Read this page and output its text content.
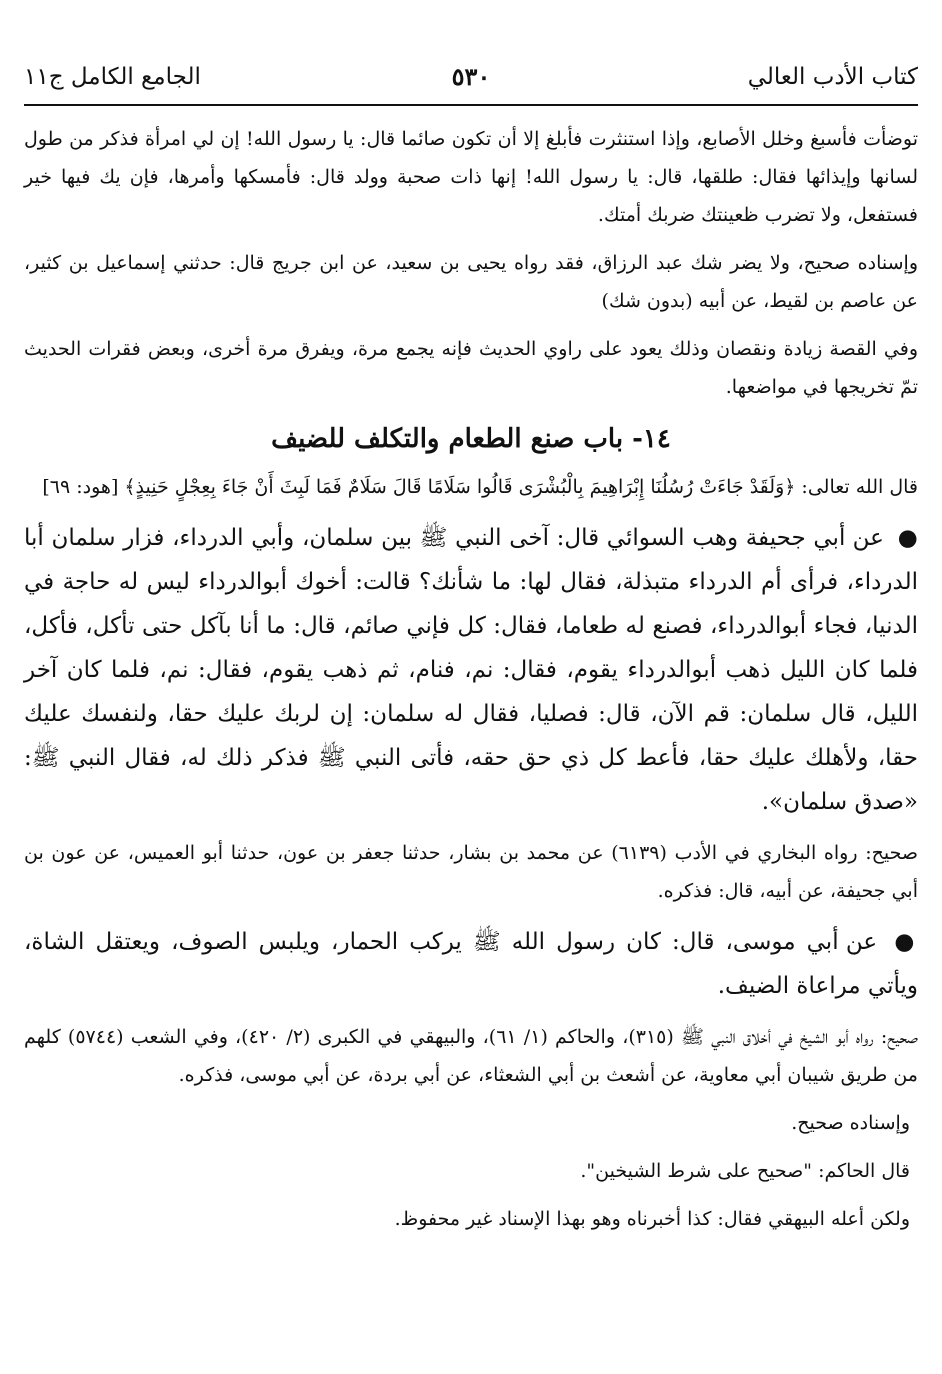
كتاب الأدب العالي
٥٣٠
الجامع الكامل ج١١

توضأت فأسبغ وخلل الأصابع، وإذا استنثرت فأبلغ إلا أن تكون صائما قال: يا رسول الله! إن لي امرأة فذكر من طول لسانها وإيذائها فقال: طلقها، قال: يا رسول الله! إنها ذات صحبة وولد قال: فأمسكها وأمرها، فإن يك فيها خير فستفعل، ولا تضرب ظعينتك ضربك أمتك.

وإسناده صحيح، ولا يضر شك عبد الرزاق، فقد رواه يحيى بن سعيد، عن ابن جريج قال: حدثني إسماعيل بن كثير، عن عاصم بن لقيط، عن أبيه (بدون شك)

وفي القصة زيادة ونقصان وذلك يعود على راوي الحديث فإنه يجمع مرة، ويفرق مرة أخرى، وبعض فقرات الحديث تمّ تخريجها في مواضعها.

١٤- باب صنع الطعام والتكلف للضيف

قال الله تعالى: ﴿وَلَقَدْ جَاءَتْ رُسُلُنَا إِبْرَاهِيمَ بِالْبُشْرَى قَالُوا سَلَامًا قَالَ سَلَامٌ فَمَا لَبِثَ أَنْ جَاءَ بِعِجْلٍ حَنِيذٍ﴾ [هود: ٦٩]

● عن أبي جحيفة وهب السوائي قال: آخى النبي ﷺ بين سلمان، وأبي الدرداء، فزار سلمان أبا الدرداء، فرأى أم الدرداء متبذلة، فقال لها: ما شأنك؟ قالت: أخوك أبوالدرداء ليس له حاجة في الدنيا، فجاء أبوالدرداء، فصنع له طعاما، فقال: كل فإني صائم، قال: ما أنا بآكل حتى تأكل، فأكل، فلما كان الليل ذهب أبوالدرداء يقوم، فقال: نم، فنام، ثم ذهب يقوم، فقال: نم، فلما كان آخر الليل، قال سلمان: قم الآن، قال: فصليا، فقال له سلمان: إن لربك عليك حقا، ولنفسك عليك حقا، ولأهلك عليك حقا، فأعط كل ذي حق حقه، فأتى النبي ﷺ فذكر ذلك له، فقال النبي ﷺ: «صدق سلمان».

صحيح: رواه البخاري في الأدب (٦١٣٩) عن محمد بن بشار، حدثنا جعفر بن عون، حدثنا أبو العميس، عن عون بن أبي جحيفة، عن أبيه، قال: فذكره.

● عن أبي موسى، قال: كان رسول الله ﷺ يركب الحمار، ويلبس الصوف، ويعتقل الشاة، ويأتي مراعاة الضيف.

صحيح: رواه أبو الشيخ في أخلاق النبي ﷺ (٣١٥)، والحاكم (١/ ٦١)، والبيهقي في الكبرى (٢/ ٤٢٠)، وفي الشعب (٥٧٤٤) كلهم من طريق شيبان أبي معاوية، عن أشعث بن أبي الشعثاء، عن أبي بردة، عن أبي موسى، فذكره.

وإسناده صحيح.

قال الحاكم: "صحيح على شرط الشيخين".

ولكن أعله البيهقي فقال: كذا أخبرناه وهو بهذا الإسناد غير محفوظ.
